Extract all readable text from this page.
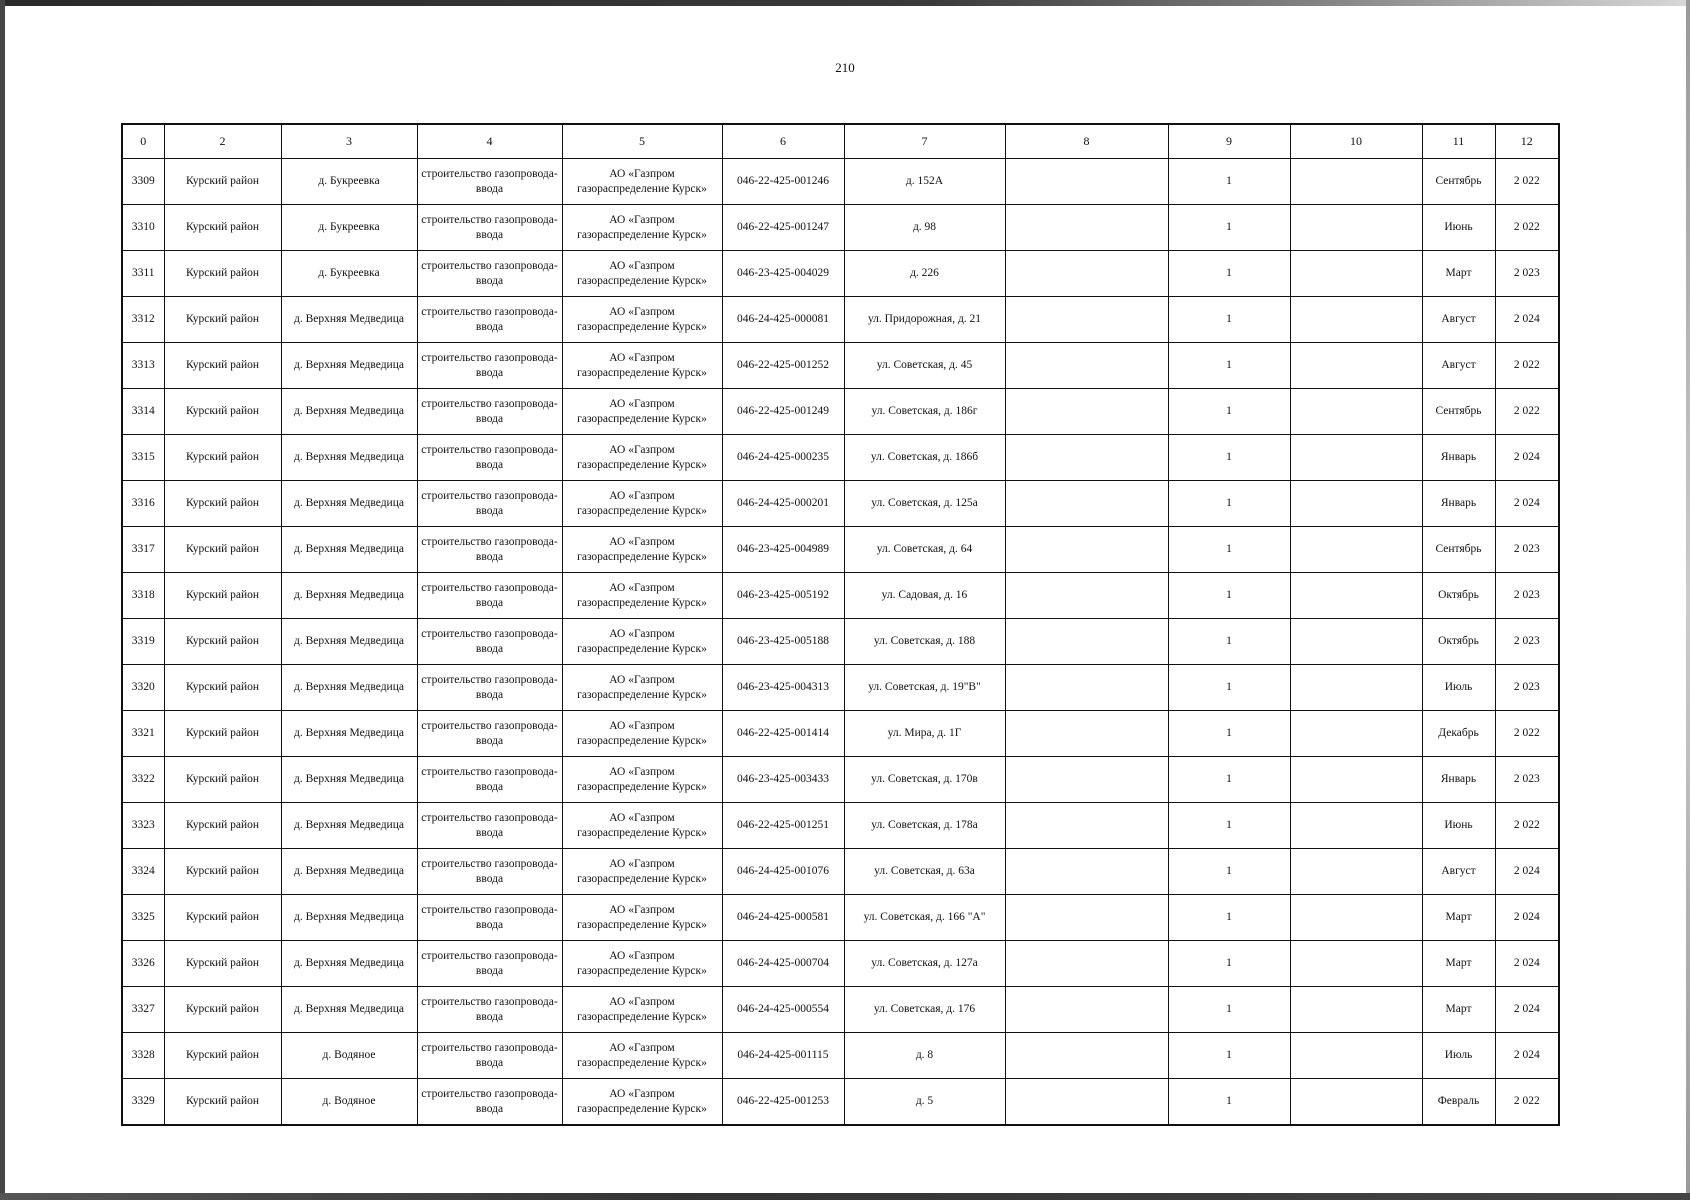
210
0	2	3	4	5	6	7	8	9	10	11	12
3309	Курский район	д. Букреевка	строительство газопровода-ввода	АО «Газпром газораспределение Курск»	046-22-425-001246	д. 152А		1		Сентябрь	2 022
3310	Курский район	д. Букреевка	строительство газопровода-ввода	АО «Газпром газораспределение Курск»	046-22-425-001247	д. 98		1		Июнь	2 022
3311	Курский район	д. Букреевка	строительство газопровода-ввода	АО «Газпром газораспределение Курск»	046-23-425-004029	д. 226		1		Март	2 023
3312	Курский район	д. Верхняя Медведица	строительство газопровода-ввода	АО «Газпром газораспределение Курск»	046-24-425-000081	ул. Придорожная, д. 21		1		Август	2 024
3313	Курский район	д. Верхняя Медведица	строительство газопровода-ввода	АО «Газпром газораспределение Курск»	046-22-425-001252	ул. Советская, д. 45		1		Август	2 022
3314	Курский район	д. Верхняя Медведица	строительство газопровода-ввода	АО «Газпром газораспределение Курск»	046-22-425-001249	ул. Советская, д. 186г		1		Сентябрь	2 022
3315	Курский район	д. Верхняя Медведица	строительство газопровода-ввода	АО «Газпром газораспределение Курск»	046-24-425-000235	ул. Советская, д. 186б		1		Январь	2 024
3316	Курский район	д. Верхняя Медведица	строительство газопровода-ввода	АО «Газпром газораспределение Курск»	046-24-425-000201	ул. Советская, д. 125а		1		Январь	2 024
3317	Курский район	д. Верхняя Медведица	строительство газопровода-ввода	АО «Газпром газораспределение Курск»	046-23-425-004989	ул. Советская, д. 64		1		Сентябрь	2 023
3318	Курский район	д. Верхняя Медведица	строительство газопровода-ввода	АО «Газпром газораспределение Курск»	046-23-425-005192	ул. Садовая, д. 16		1		Октябрь	2 023
3319	Курский район	д. Верхняя Медведица	строительство газопровода-ввода	АО «Газпром газораспределение Курск»	046-23-425-005188	ул. Советская, д. 188		1		Октябрь	2 023
3320	Курский район	д. Верхняя Медведица	строительство газопровода-ввода	АО «Газпром газораспределение Курск»	046-23-425-004313	ул. Советская, д. 19"В"		1		Июль	2 023
3321	Курский район	д. Верхняя Медведица	строительство газопровода-ввода	АО «Газпром газораспределение Курск»	046-22-425-001414	ул. Мира, д. 1Г		1		Декабрь	2 022
3322	Курский район	д. Верхняя Медведица	строительство газопровода-ввода	АО «Газпром газораспределение Курск»	046-23-425-003433	ул. Советская, д. 170в		1		Январь	2 023
3323	Курский район	д. Верхняя Медведица	строительство газопровода-ввода	АО «Газпром газораспределение Курск»	046-22-425-001251	ул. Советская, д. 178а		1		Июнь	2 022
3324	Курский район	д. Верхняя Медведица	строительство газопровода-ввода	АО «Газпром газораспределение Курск»	046-24-425-001076	ул. Советская, д. 63а		1		Август	2 024
3325	Курский район	д. Верхняя Медведица	строительство газопровода-ввода	АО «Газпром газораспределение Курск»	046-24-425-000581	ул. Советская, д. 166 "А"		1		Март	2 024
3326	Курский район	д. Верхняя Медведица	строительство газопровода-ввода	АО «Газпром газораспределение Курск»	046-24-425-000704	ул. Советская, д. 127а		1		Март	2 024
3327	Курский район	д. Верхняя Медведица	строительство газопровода-ввода	АО «Газпром газораспределение Курск»	046-24-425-000554	ул. Советская, д. 176		1		Март	2 024
3328	Курский район	д. Водяное	строительство газопровода-ввода	АО «Газпром газораспределение Курск»	046-24-425-001115	д. 8		1		Июль	2 024
3329	Курский район	д. Водяное	строительство газопровода-ввода	АО «Газпром газораспределение Курск»	046-22-425-001253	д. 5		1		Февраль	2 022
